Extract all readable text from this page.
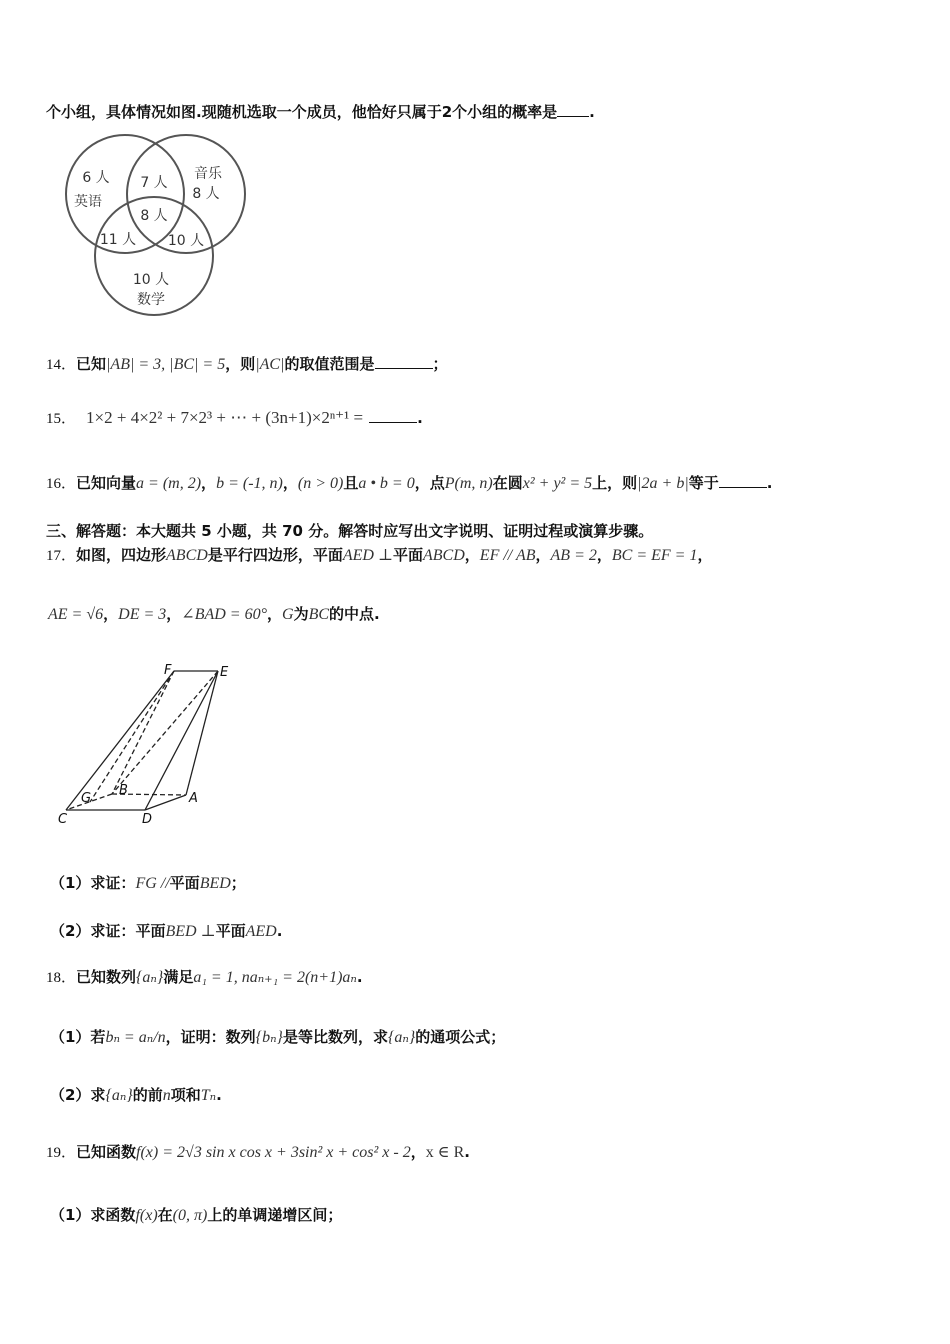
个小组，具体情况如图.现随机选取一个成员，他恰好只属于2个小组的概率是 .
6 人
英语
音乐
8 人
7 人
8 人
11 人 10 人
10 人
数学
14．已知|AB| = 3, |BC| = 5，则|AC|的取值范围是	；
15． 1×2 + 4×2² + 7×2³ + ⋯ + (3n+1)×2ⁿ⁺¹ =	.
16．已知向量a = (m, 2)，b = (-1, n)，(n > 0)且a • b = 0，点P(m, n)在圆x² + y² = 5上，则|2a + b|等于	.
三、解答题：本大题共 5 小题，共 70 分。解答时应写出文字说明、证明过程或演算步骤。
17．如图，四边形ABCD是平行四边形，平面AED ⊥平面ABCD，EF // AB，AB = 2，BC = EF = 1，
AE = √6，DE = 3，∠BAD = 60°，G为BC的中点.
F	E
G
B
A
C	D
（1）求证：FG //平面BED；
（2）求证：平面BED ⊥平面AED.
18．已知数列{aₙ}满足a₁ = 1, naₙ₊₁ = 2(n+1)aₙ.
（1）若bₙ = aₙ/n，证明：数列{bₙ}是等比数列，求{aₙ}的通项公式；
（2）求{aₙ}的前n项和Tₙ.
19．已知函数f(x) = 2√3 sin x cos x + 3sin² x + cos² x - 2，x ∈ R.
（1）求函数f(x)在(0, π)上的单调递增区间；
